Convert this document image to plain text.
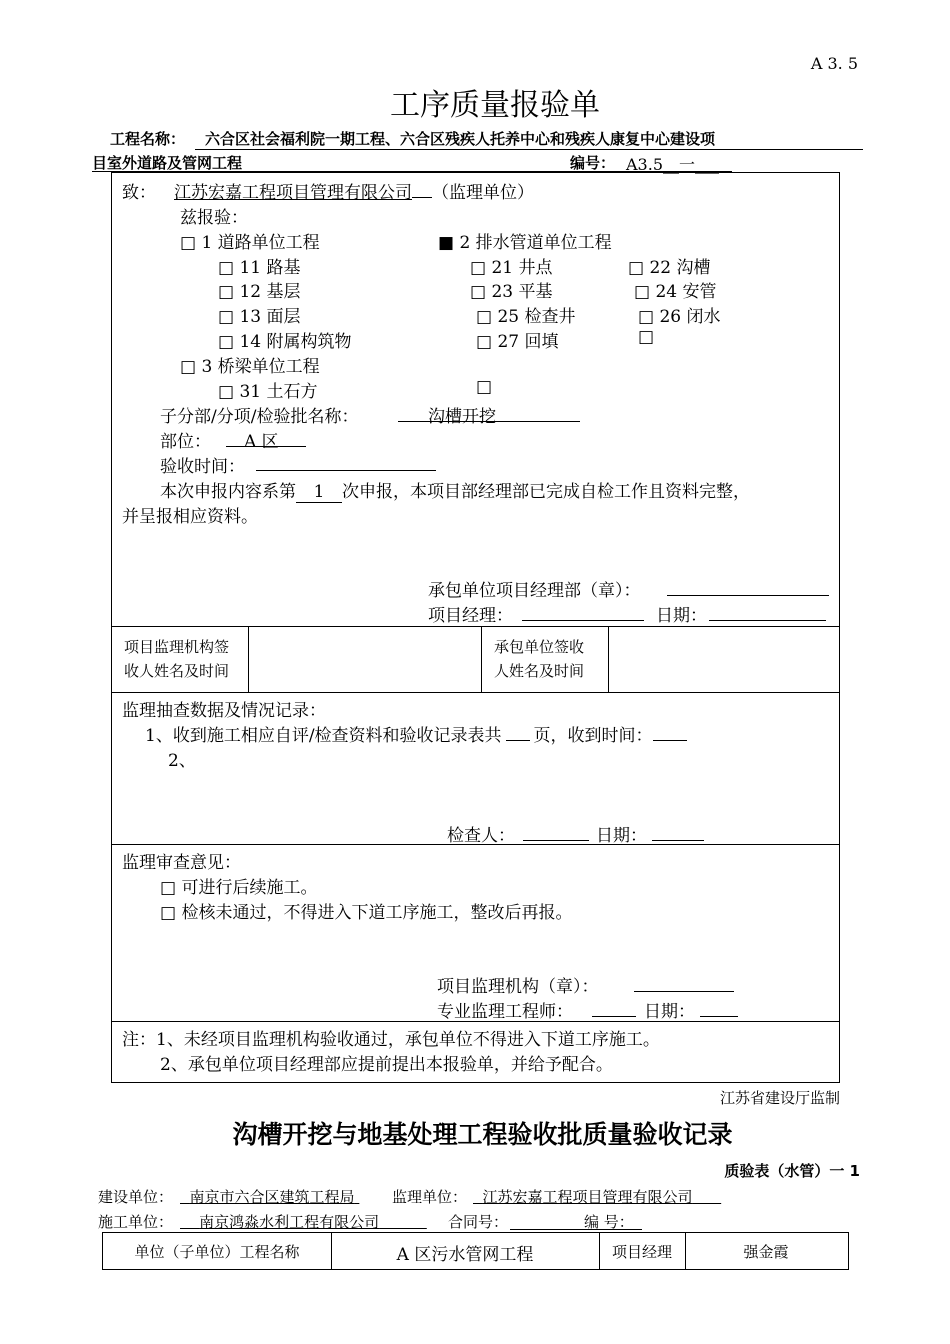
A 3. 5
工序质量报验单
工程名称： 六合区社会福利院一期工程、六合区残疾人托养中心和残疾人康复中心建设项
目室外道路及管网工程	编号： A3.5__一___
致： 江苏宏嘉工程项目管理有限公司 （监理单位）
兹报验：
□ 1 道路单位工程	■ 2 排水管道单位工程
□ 11 路基	□ 21 井点	□ 22 沟槽
□ 12 基层	□ 23 平基	□ 24 安管
□ 13 面层	□ 25 检查井	□ 26 闭水
□ 14 附属构筑物	□ 27 回填	□
□ 3 桥梁单位工程
□ 31 土石方	□
子分部/分项/检验批名称：	沟槽开挖
部位：	A 区
验收时间：
本次申报内容系第 1 次申报，本项目部经理部已完成自检工作且资料完整，
并呈报相应资料。
承包单位项目经理部（章）：
项目经理：	日期：
项目监理机构签
收人姓名及时间
承包单位签收
人姓名及时间
监理抽查数据及情况记录：
1、收到施工相应自评/检查资料和验收记录表共 页，收到时间：
2、
检查人：	日期：
监理审查意见：
□ 可进行后续施工。
□ 检核未通过，不得进入下道工序施工，整改后再报。
项目监理机构（章）：
专业监理工程师：	日期：
注：1、未经项目监理机构验收通过，承包单位不得进入下道工序施工。
2、承包单位项目经理部应提前提出本报验单，并给予配合。
江苏省建设厅监制
沟槽开挖与地基处理工程验收批质量验收记录
质验表（水管）一 1
建设单位：	南京市六合区建筑工程局	监理单位：	江苏宏嘉工程项目管理有限公司
施工单位：	南京鸿淼水利工程有限公司	合同号：	编 号：
单位（子单位）工程名称	A 区污水管网工程	项目经理	强金霞
